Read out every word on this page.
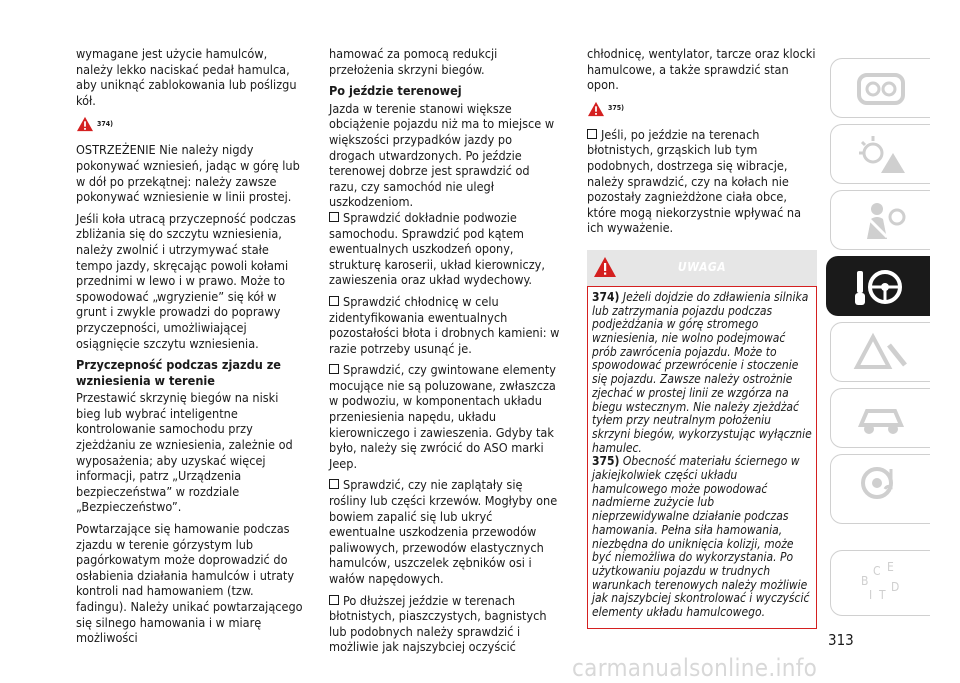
wymagane jest użycie hamulców, należy lekko naciskać pedał hamulca, aby uniknąć zablokowania lub poślizgu kół.

374)

OSTRZEŻENIE Nie należy nigdy pokonywać wzniesień, jadąc w górę lub w dół po przekątnej: należy zawsze pokonywać wzniesienie w linii prostej.

Jeśli koła utracą przyczepność podczas zbliżania się do szczytu wzniesienia, należy zwolnić i utrzymywać stałe tempo jazdy, skręcając powoli kołami przednimi w lewo i w prawo. Może to spowodować „wgryzienie” się kół w grunt i zwykle prowadzi do poprawy przyczepności, umożliwiającej osiągnięcie szczytu wzniesienia.

Przyczepność podczas zjazdu ze wzniesienia w terenie

Przestawić skrzynię biegów na niski bieg lub wybrać inteligentne kontrolowanie samochodu przy zjeżdżaniu ze wzniesienia, zależnie od wyposażenia; aby uzyskać więcej informacji, patrz „Urządzenia bezpieczeństwa” w rozdziale „Bezpieczeństwo”.

Powtarzające się hamowanie podczas zjazdu w terenie górzystym lub pagórkowatym może doprowadzić do osłabienia działania hamulców i utraty kontroli nad hamowaniem (tzw. fadingu). Należy unikać powtarzającego się silnego hamowania i w miarę możliwości

hamować za pomocą redukcji przełożenia skrzyni biegów.

Po jeździe terenowej

Jazda w terenie stanowi większe obciążenie pojazdu niż ma to miejsce w większości przypadków jazdy po drogach utwardzonych. Po jeździe terenowej dobrze jest sprawdzić od razu, czy samochód nie uległ uszkodzeniom.

Sprawdzić dokładnie podwozie samochodu. Sprawdzić pod kątem ewentualnych uszkodzeń opony, strukturę karoserii, układ kierowniczy, zawieszenia oraz układ wydechowy.

Sprawdzić chłodnicę w celu zidentyfikowania ewentualnych pozostałości błota i drobnych kamieni: w razie potrzeby usunąć je.

Sprawdzić, czy gwintowane elementy mocujące nie są poluzowane, zwłaszcza w podwoziu, w komponentach układu przeniesienia napędu, układu kierowniczego i zawieszenia. Gdyby tak było, należy się zwrócić do ASO marki Jeep.

Sprawdzić, czy nie zaplątały się rośliny lub części krzewów. Mogłyby one bowiem zapalić się lub ukryć ewentualne uszkodzenia przewodów paliwowych, przewodów elastycznych hamulców, uszczelek zębników osi i wałów napędowych.

Po dłuższej jeździe w terenach błotnistych, piaszczystych, bagnistych lub podobnych należy sprawdzić i możliwie jak najszybciej oczyścić

chłodnicę, wentylator, tarcze oraz klocki hamulcowe, a także sprawdzić stan opon.

375)

Jeśli, po jeździe na terenach błotnistych, grząskich lub tym podobnych, dostrzega się wibracje, należy sprawdzić, czy na kołach nie pozostały zagnieżdżone ciała obce, które mogą niekorzystnie wpływać na ich wyważenie.

UWAGA

374) Jeżeli dojdzie do zdławienia silnika lub zatrzymania pojazdu podczas podjeżdżania w górę stromego wzniesienia, nie wolno podejmować prób zawrócenia pojazdu. Może to spowodować przewrócenie i stoczenie się pojazdu. Zawsze należy ostrożnie zjechać w prostej linii ze wzgórza na biegu wstecznym. Nie należy zjeżdżać tyłem przy neutralnym położeniu skrzyni biegów, wykorzystując wyłącznie hamulec.

375) Obecność materiału ściernego w jakiejkolwiek części układu hamulcowego może powodować nadmierne zużycie lub nieprzewidywalne działanie podczas hamowania. Pełna siła hamowania, niezbędna do uniknięcia kolizji, może być niemożliwa do wykorzystania. Po użytkowaniu pojazdu w trudnych warunkach terenowych należy możliwie jak najszybciej skontrolować i wyczyścić elementy układu hamulcowego.

B
C E
I T
D
313
carmanualsonline.info
